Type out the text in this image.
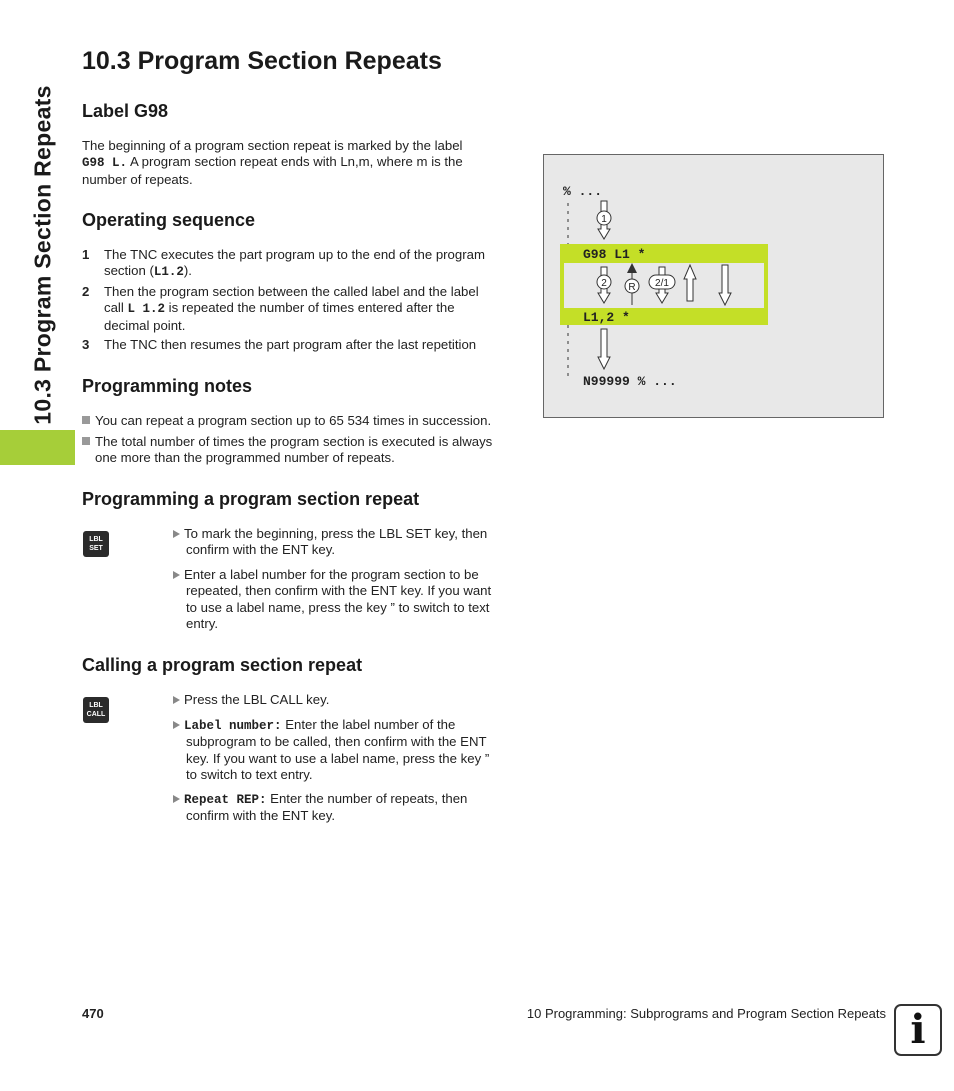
10.3 Program Section Repeats
10.3 Program Section Repeats
Label G98
The beginning of a program section repeat is marked by the label
G98 L. A program section repeat ends with Ln,m, where m is the
number of repeats.
Operating sequence
1 The TNC executes the part program up to the end of the program
section (L1.2).
2 Then the program section between the called label and the label
call L 1.2 is repeated the number of times entered after the
decimal point.
3 The TNC then resumes the part program after the last repetition
Programming notes
You can repeat a program section up to 65 534 times in succession.
The total number of times the program section is executed is always
one more than the programmed number of repeats.
Programming a program section repeat
LBL
SET
To mark the beginning, press the LBL SET key, then
confirm with the ENT key.
Enter a label number for the program section to be
repeated, then confirm with the ENT key. If you want
to use a label name, press the key ” to switch to text
entry.
Calling a program section repeat
LBL
CALL
Press the LBL CALL key.
Label number: Enter the label number of the
subprogram to be called, then confirm with the ENT
key. If you want to use a label name, press the key ”
to switch to text entry.
Repeat REP: Enter the number of repeats, then
confirm with the ENT key.
% ...
G98 L1 *
L1,2 *
N99999 % ...
1
2 R 2/1
470	10 Programming: Subprograms and Program Section Repeats i
